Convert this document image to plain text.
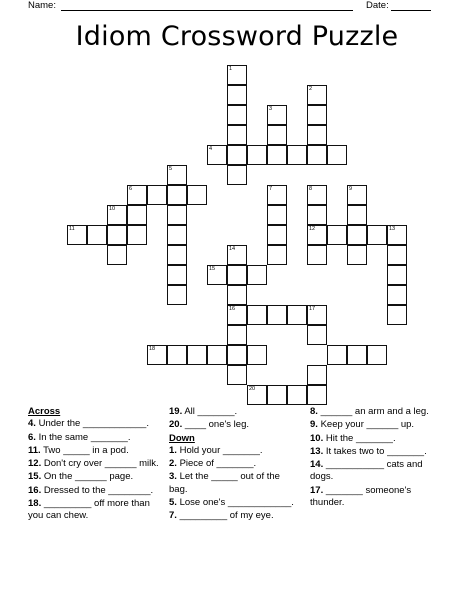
Name:	Date:
Idiom Crossword Puzzle
1
3
2
4
5
6	7	8	9
10
11	12	13
14
16
15
17
18
20
Across
4. Under the ____________.
6. In the same _______.
11. Two _____ in a pod.
12. Don't cry over ______ milk.
15. On the ______ page.
16. Dressed to the ________.
18. _________ off more than you can chew.
19. All _______.
20. ____ one's leg.
Down
1. Hold your _______.
2. Piece of _______.
3. Let the _____ out of the bag.
5. Lose one's ____________.
7. _________ of my eye.
8. ______ an arm and a leg.
9. Keep your ______ up.
10. Hit the _______.
13. It takes two to _______.
14. ___________ cats and dogs.
17. _______ someone's thunder.
